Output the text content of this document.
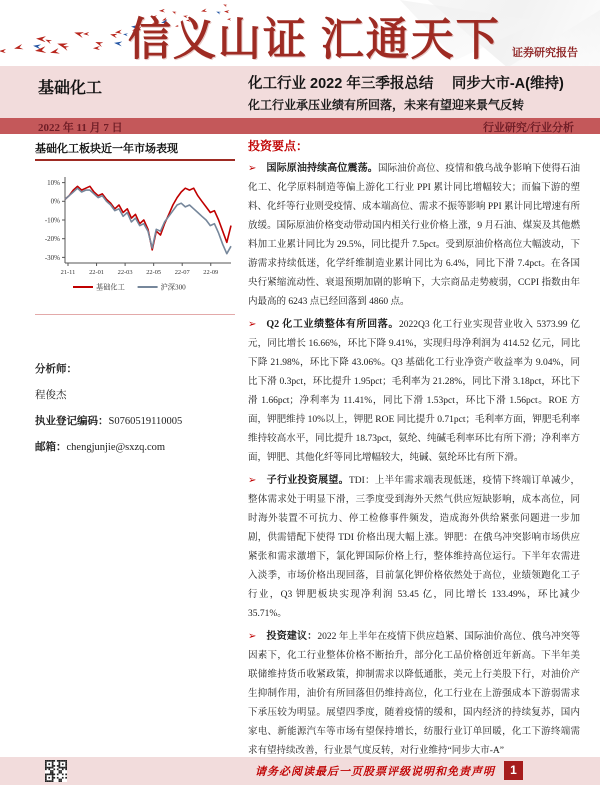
信义山证 汇通天下 证券研究报告
基础化工	化工行业 2022 年三季报总结　 同步大市-A(维持)
化工行业承压业绩有所回落，未来有望迎来景气反转
2022 年 11 月 7 日	行业研究/行业分析
基础化工板块近一年市场表现
10%
0%
-10%
-20%
-30%
21-11 22-01 22-03 22-05 22-07 22-09
基础化工	沪深300
分析师：
程俊杰
执业登记编码：S0760519110005
邮箱：chengjunjie@sxzq.com
投资要点：

➢ 国际原油持续高位震荡。国际油价高位、疫情和俄乌战争影响下使得石油化工、化学原料制造等偏上游化工行业 PPI 累计同比增幅较大；而偏下游的塑料、化纤等行业则受疫情、成本端高位、需求不振等影响 PPI 累计同比增速有所放缓。国际原油价格变动带动国内相关行业价格上涨，9 月石油、煤炭及其他燃料加工业累计同比为 29.5%，同比提升 7.5pct。受到原油价格高位大幅波动，下游需求持续低迷，化学纤维制造业累计同比为 6.4%，同比下滑 7.4pct。在各国央行紧缩流动性、衰退预期加剧的影响下，大宗商品走势疲弱，CCPI 指数由年内最高的 6243 点已经回落到 4860 点。

➢ Q2 化工业绩整体有所回落。2022Q3 化工行业实现营业收入 5373.99 亿元，同比增长 16.66%，环比下降 9.41%，实现归母净利润为 414.52 亿元，同比下降 21.98%，环比下降 43.06%。Q3 基础化工行业净资产收益率为 9.04%，同比下滑 0.3pct，环比提升 1.95pct；毛利率为 21.28%，同比下滑 3.18pct，环比下滑 1.66pct；净利率为 11.41%，同比下滑 1.53pct，环比下滑 1.56pct。ROE 方面，钾肥维持 10%以上，钾肥 ROE 同比提升 0.71pct；毛利率方面，钾肥毛利率维持较高水平，同比提升 18.73pct，氨纶、纯碱毛利率环比有所下滑；净利率方面，钾肥、其他化纤等同比增幅较大，纯碱、氨纶环比有所下滑。

➢ 子行业投资展望。TDI：上半年需求端表现低迷，疫情下终端订单减少，整体需求处于明显下滑，三季度受到海外天然气供应短缺影响，成本高位，同时海外装置不可抗力、停工检修事件频发，造成海外供给紧张问题进一步加剧，供需错配下使得 TDI 价格出现大幅上涨。钾肥：在俄乌冲突影响市场供应紧张和需求激增下，氯化钾国际价格上行，整体维持高位运行。下半年农需进入淡季，市场价格出现回落，目前氯化钾价格依然处于高位，业绩领跑化工子行业，Q3 钾肥板块实现净利润 53.45 亿，同比增长 133.49%，环比减少 35.71%。

➢ 投资建议：2022 年上半年在疫情下供应趋紧、国际油价高位、俄乌冲突等因素下，化工行业整体价格不断抬升，部分化工品价格创近年新高。下半年美联储维持货币收紧政策，抑制需求以降低通胀，美元上行美股下行，对油价产生抑制作用，油价有所回落但仍维持高位，化工行业在上游强成本下游弱需求下承压较为明显。展望四季度，随着疫情的缓和，国内经济的持续复苏，国内家电、新能源汽车等市场有望保持增长，纺服行业订单回暖，化工下游终端需求有望持续改善，行业景气度反转，对行业维持“同步大市-A”

请务必阅读最后一页股票评级说明和免责声明	1
